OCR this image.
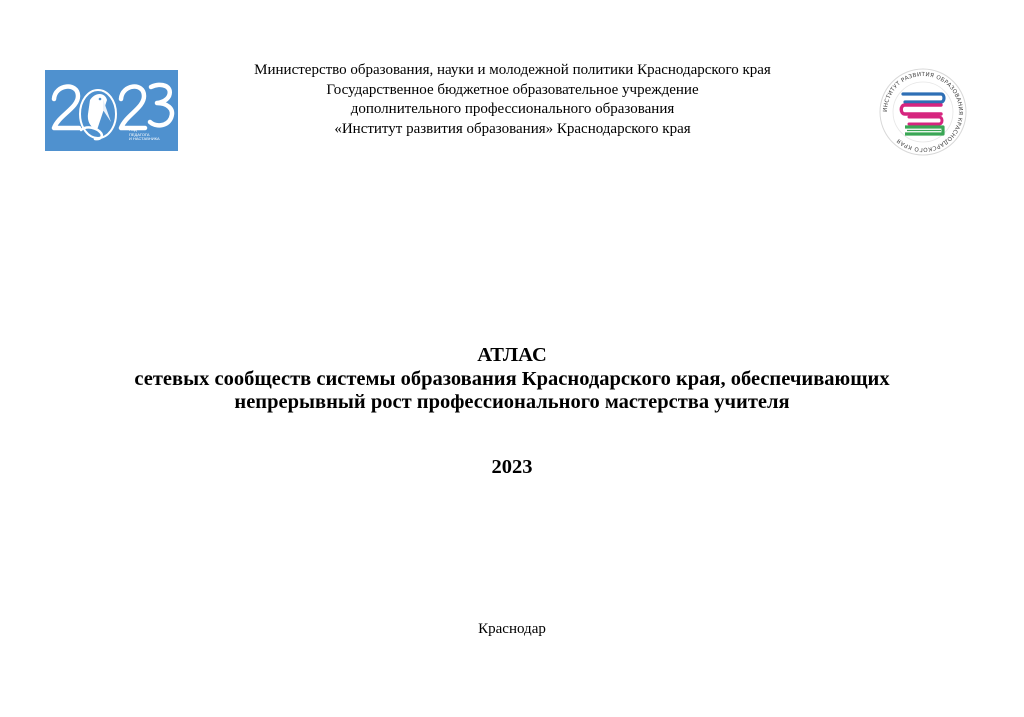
ГОД
ПЕДАГОГА
И НАСТАВНИКА
Министерство образования, науки и молодежной политики Краснодарского края
Государственное бюджетное образовательное учреждение
дополнительного профессионального образования
«Институт развития образования» Краснодарского края
ИНСТИТУТ РАЗВИТИЯ ОБРАЗОВАНИЯ КРАСНОДАРСКОГО КРАЯ
АТЛАС
сетевых сообществ системы образования Краснодарского края, обеспечивающих
непрерывный рост профессионального мастерства учителя
2023
Краснодар
